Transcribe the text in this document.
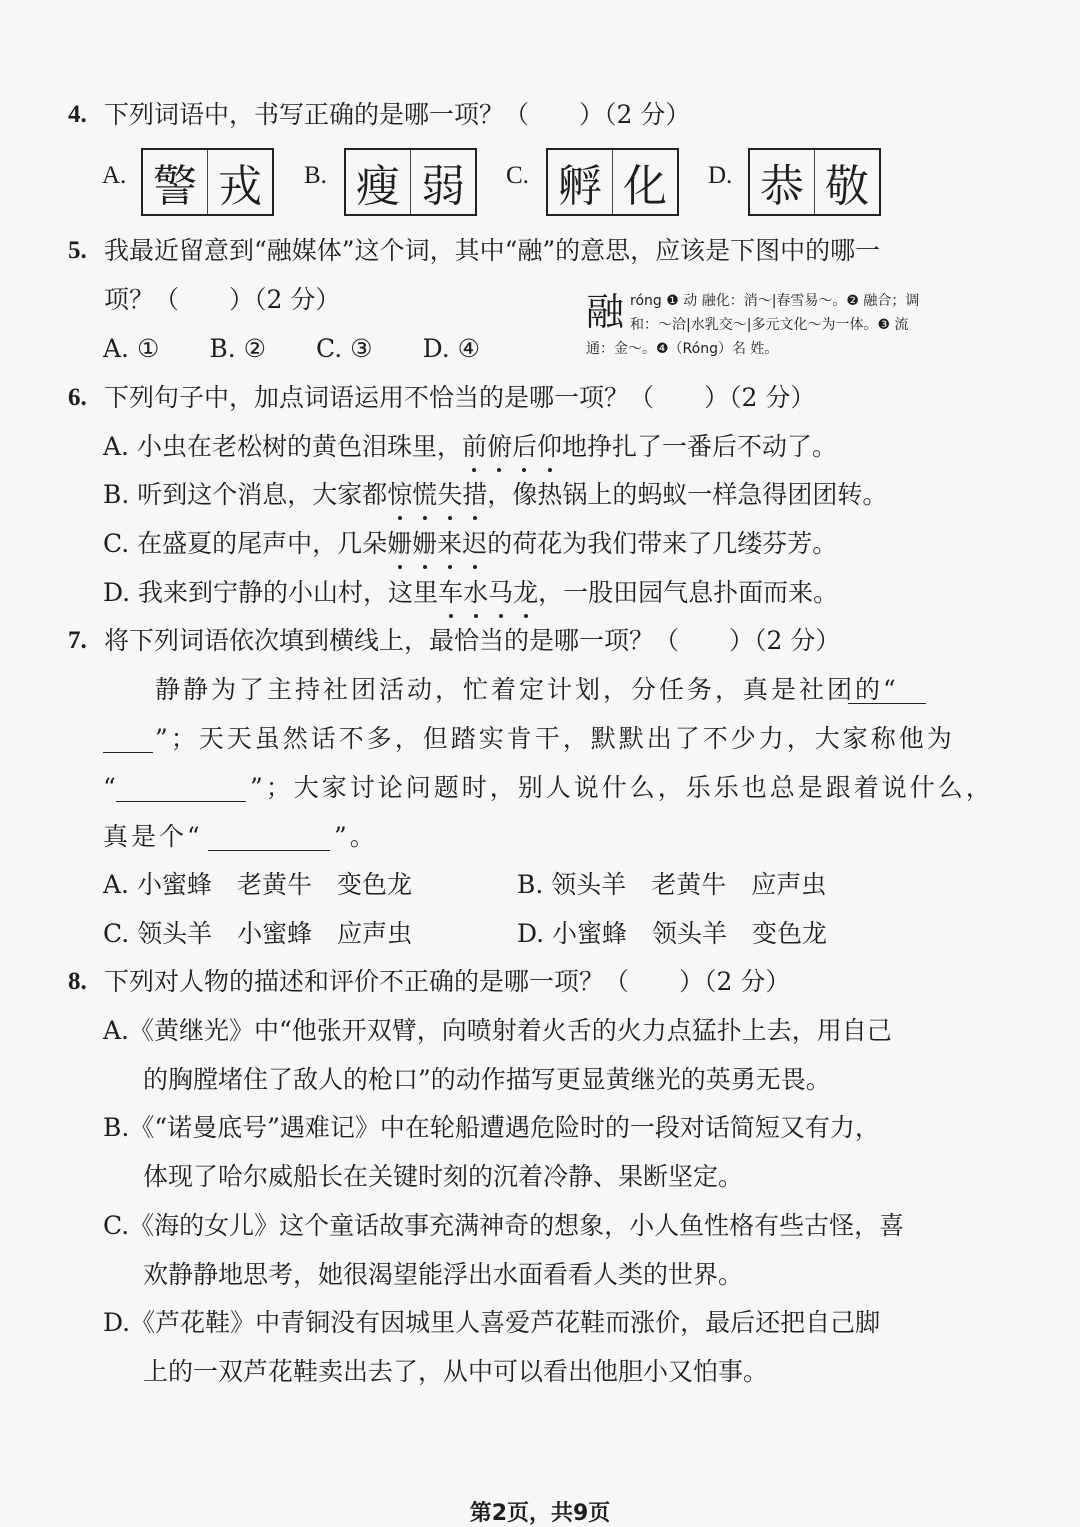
4. 下列词语中，书写正确的是哪一项？（　　）（2 分）
A. 警 戎	B. 瘦 弱	C. 孵 化	D. 恭 敬
5. 我最近留意到“融媒体”这个词，其中“融”的意思，应该是下图中的哪一
项？（　　）（2 分）
A. ①　　B. ②　　C. ③　　D. ④
融 róng ❶ 动 融化：消～|春雪易～。❷ 融合；调和：～洽|水乳交～|多元文化～为一体。❸ 流通：金～。❹（Róng）名 姓。
6. 下列句子中，加点词语运用不恰当的是哪一项？（　　）（2 分）
A. 小虫在老松树的黄色泪珠里，前俯后仰地挣扎了一番后不动了。
B. 听到这个消息，大家都惊慌失措，像热锅上的蚂蚁一样急得团团转。
C. 在盛夏的尾声中，几朵姗姗来迟的荷花为我们带来了几缕芬芳。
D. 我来到宁静的小山村，这里车水马龙，一股田园气息扑面而来。
7. 将下列词语依次填到横线上，最恰当的是哪一项？（　　）（2 分）
静静为了主持社团活动，忙着定计划，分任务，真是社团的“
”；天天虽然话不多，但踏实肯干，默默出了不少力，大家称他为
“	”；大家讨论问题时，别人说什么，乐乐也总是跟着说什么，
真是个“	”。
A. 小蜜蜂　老黄牛　变色龙	B. 领头羊　老黄牛　应声虫
C. 领头羊　小蜜蜂　应声虫	D. 小蜜蜂　领头羊　变色龙
8. 下列对人物的描述和评价不正确的是哪一项？（　　）（2 分）
A.《黄继光》中“他张开双臂，向喷射着火舌的火力点猛扑上去，用自己
的胸膛堵住了敌人的枪口”的动作描写更显黄继光的英勇无畏。
B.《“诺曼底号”遇难记》中在轮船遭遇危险时的一段对话简短又有力，
体现了哈尔威船长在关键时刻的沉着冷静、果断坚定。
C.《海的女儿》这个童话故事充满神奇的想象，小人鱼性格有些古怪，喜
欢静静地思考，她很渴望能浮出水面看看人类的世界。
D.《芦花鞋》中青铜没有因城里人喜爱芦花鞋而涨价，最后还把自己脚
上的一双芦花鞋卖出去了，从中可以看出他胆小又怕事。
第2页，共9页
